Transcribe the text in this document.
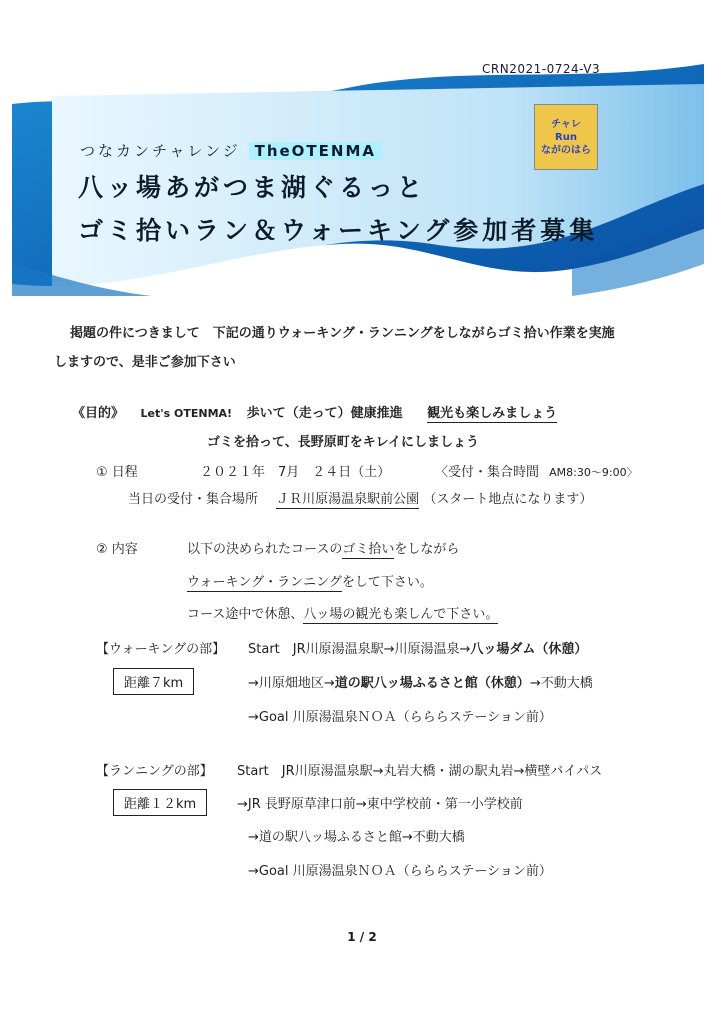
CRN2021-0724-V3
つなカンチャレンジ TheOTENMA
八ッ場あがつま湖ぐるっと
ゴミ拾いラン＆ウォーキング参加者募集
チャレ
Run
ながのはら
掲題の件につきまして　下記の通りウォーキング・ランニングをしながらゴミ拾い作業を実施
しますので、是非ご参加下さい
《目的》 Let's OTENMA! 歩いて（走って）健康推進 観光も楽しみましょう
ゴミを拾って、長野原町をキレイにしましょう
① 日程	２０２１年　7月　２４日（土）	〈受付・集合時間 AM8:30～9:00〉
当日の受付・集合場所 ＪＲ川原湯温泉駅前公園 （スタート地点になります）
② 内容	以下の決められたコースのゴミ拾いをしながら
ウォーキング・ランニングをして下さい。
コース途中で休憩、八ッ場の観光も楽しんで下さい。
【ウォーキングの部】 Start　JR川原湯温泉駅→川原湯温泉→八ッ場ダム（休憩）
距離７km	→川原畑地区→道の駅八ッ場ふるさと館（休憩）→不動大橋
→Goal 川原湯温泉ＮＯＡ（らららステーション前）
【ランニングの部】 Start　JR川原湯温泉駅→丸岩大橋・湖の駅丸岩→横壁バイパス
距離１２km	→JR 長野原草津口前→東中学校前・第一小学校前
→道の駅八ッ場ふるさと館→不動大橋
→Goal 川原湯温泉ＮＯＡ（らららステーション前）
1 / 2
